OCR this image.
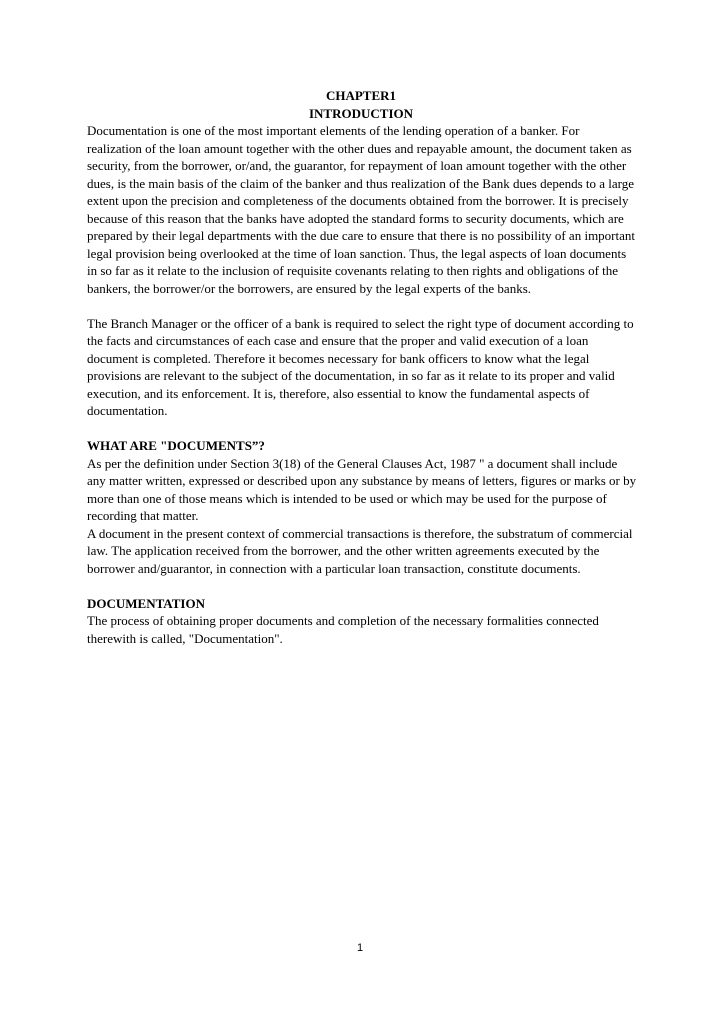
CHAPTER1
INTRODUCTION

Documentation is one of the most important elements of the lending operation of a banker. For realization of the loan amount together with the other dues and repayable amount, the document taken as security, from the borrower, or/and, the guarantor, for repayment of loan amount together with the other dues, is the main basis of the claim of the banker and thus realization of the Bank dues depends to a large extent upon the precision and completeness of the documents obtained from the borrower. It is precisely because of this reason that the banks have adopted the standard forms to security documents, which are prepared by their legal departments with the due care to ensure that there is no possibility of an important legal provision being overlooked at the time of loan sanction. Thus, the legal aspects of loan documents in so far as it relate to the inclusion of requisite covenants relating to then rights and obligations of the bankers, the borrower/or the borrowers, are ensured by the legal experts of the banks.

The Branch Manager or the officer of a bank is required to select the right type of document according to the facts and circumstances of each case and ensure that the proper and valid execution of a loan document is completed. Therefore it becomes necessary for bank officers to know what the legal provisions are relevant to the subject of the documentation, in so far as it relate to its proper and valid execution, and its enforcement. It is, therefore, also essential to know the fundamental aspects of documentation.

WHAT ARE "DOCUMENTS”?

As per the definition under Section 3(18) of the General Clauses Act, 1987 " a document shall include any matter written, expressed or described upon any substance by means of letters, figures or marks or by more than one of those means which is intended to be used or which may be used for the purpose of recording that matter.

A document in the present context of commercial transactions is therefore, the substratum of commercial law. The application received from the borrower, and the other written agreements executed by the borrower and/guarantor, in connection with a particular loan transaction, constitute documents.

DOCUMENTATION

The process of obtaining proper documents and completion of the necessary formalities connected therewith is called, "Documentation".

1
